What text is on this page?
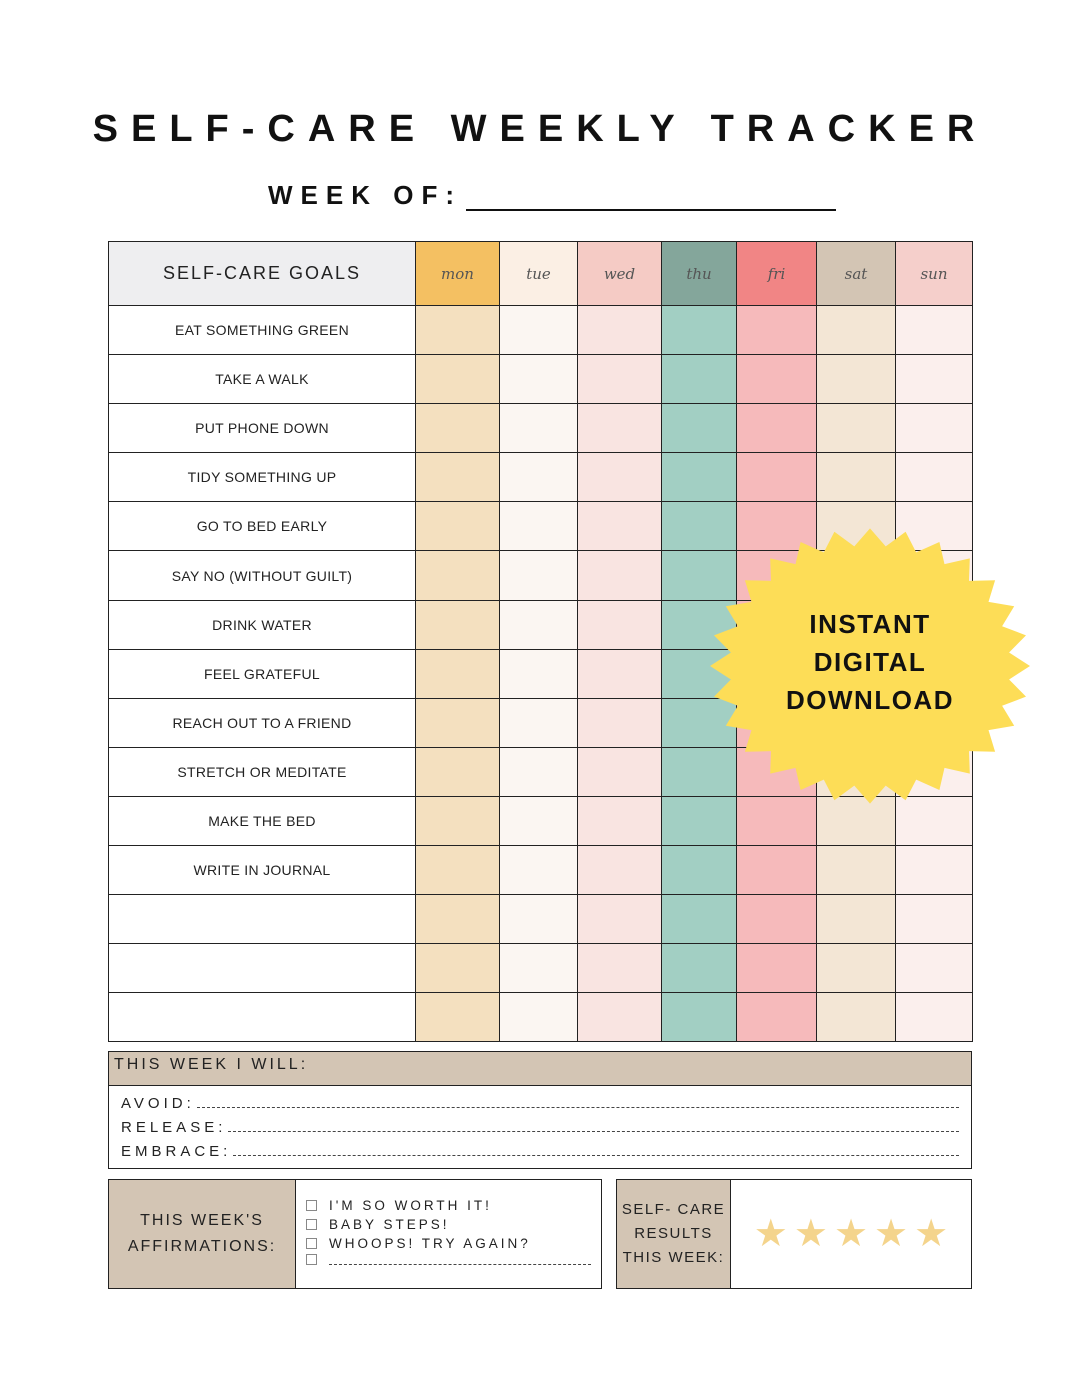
SELF-CARE WEEKLY TRACKER
WEEK OF:
SELF-CARE GOALS	mon	tue	wed	thu	fri	sat	sun
EAT SOMETHING GREEN							
TAKE A WALK							
PUT PHONE DOWN							
TIDY SOMETHING UP							
GO TO BED EARLY							
SAY NO (WITHOUT GUILT)							
DRINK WATER							
FEEL GRATEFUL							
REACH OUT TO A FRIEND							
STRETCH OR MEDITATE							
MAKE THE BED							
WRITE IN JOURNAL							

THIS WEEK I WILL:
AVOID:
RELEASE:
EMBRACE:
THIS WEEK'S
AFFIRMATIONS:
I'M SO WORTH IT!
BABY STEPS!
WHOOPS! TRY AGAIN?
SELF- CARE
RESULTS
THIS WEEK:
★ ★ ★ ★ ★
INSTANT
DIGITAL
DOWNLOAD
